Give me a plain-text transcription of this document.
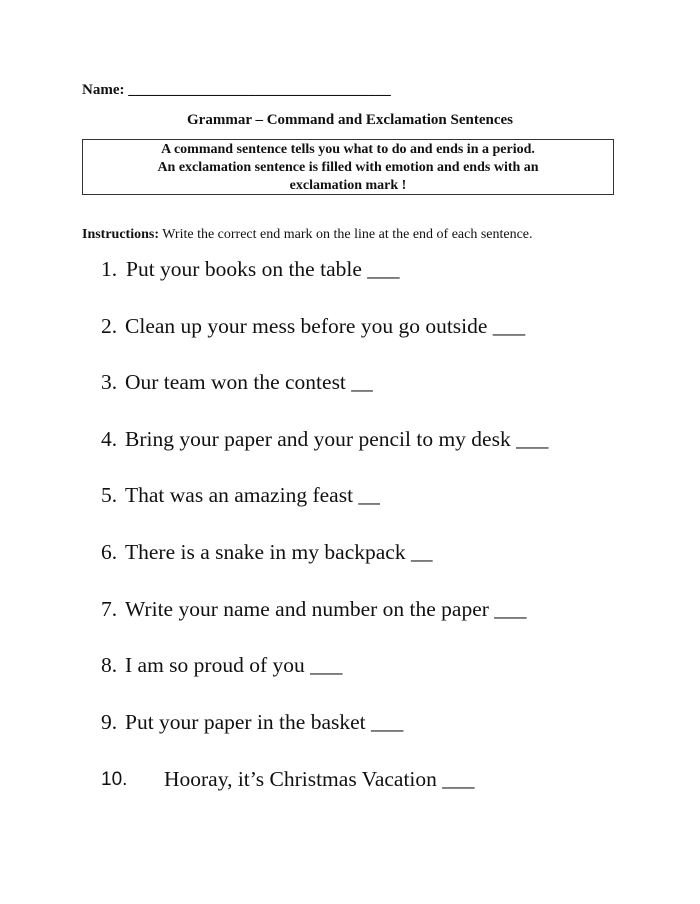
Name: ___________________________________
Grammar – Command and Exclamation Sentences
A command sentence tells you what to do and ends in a period.
An exclamation sentence is filled with emotion and ends with an
exclamation mark !
Instructions: Write the correct end mark on the line at the end of each sentence.
1. Put your books on the table ___
2. Clean up your mess before you go outside ___
3. Our team won the contest __
4. Bring your paper and your pencil to my desk ___
5. That was an amazing feast __
6. There is a snake in my backpack __
7. Write your name and number on the paper ___
8. I am so proud of you ___
9. Put your paper in the basket ___
10. Hooray, it’s Christmas Vacation ___
